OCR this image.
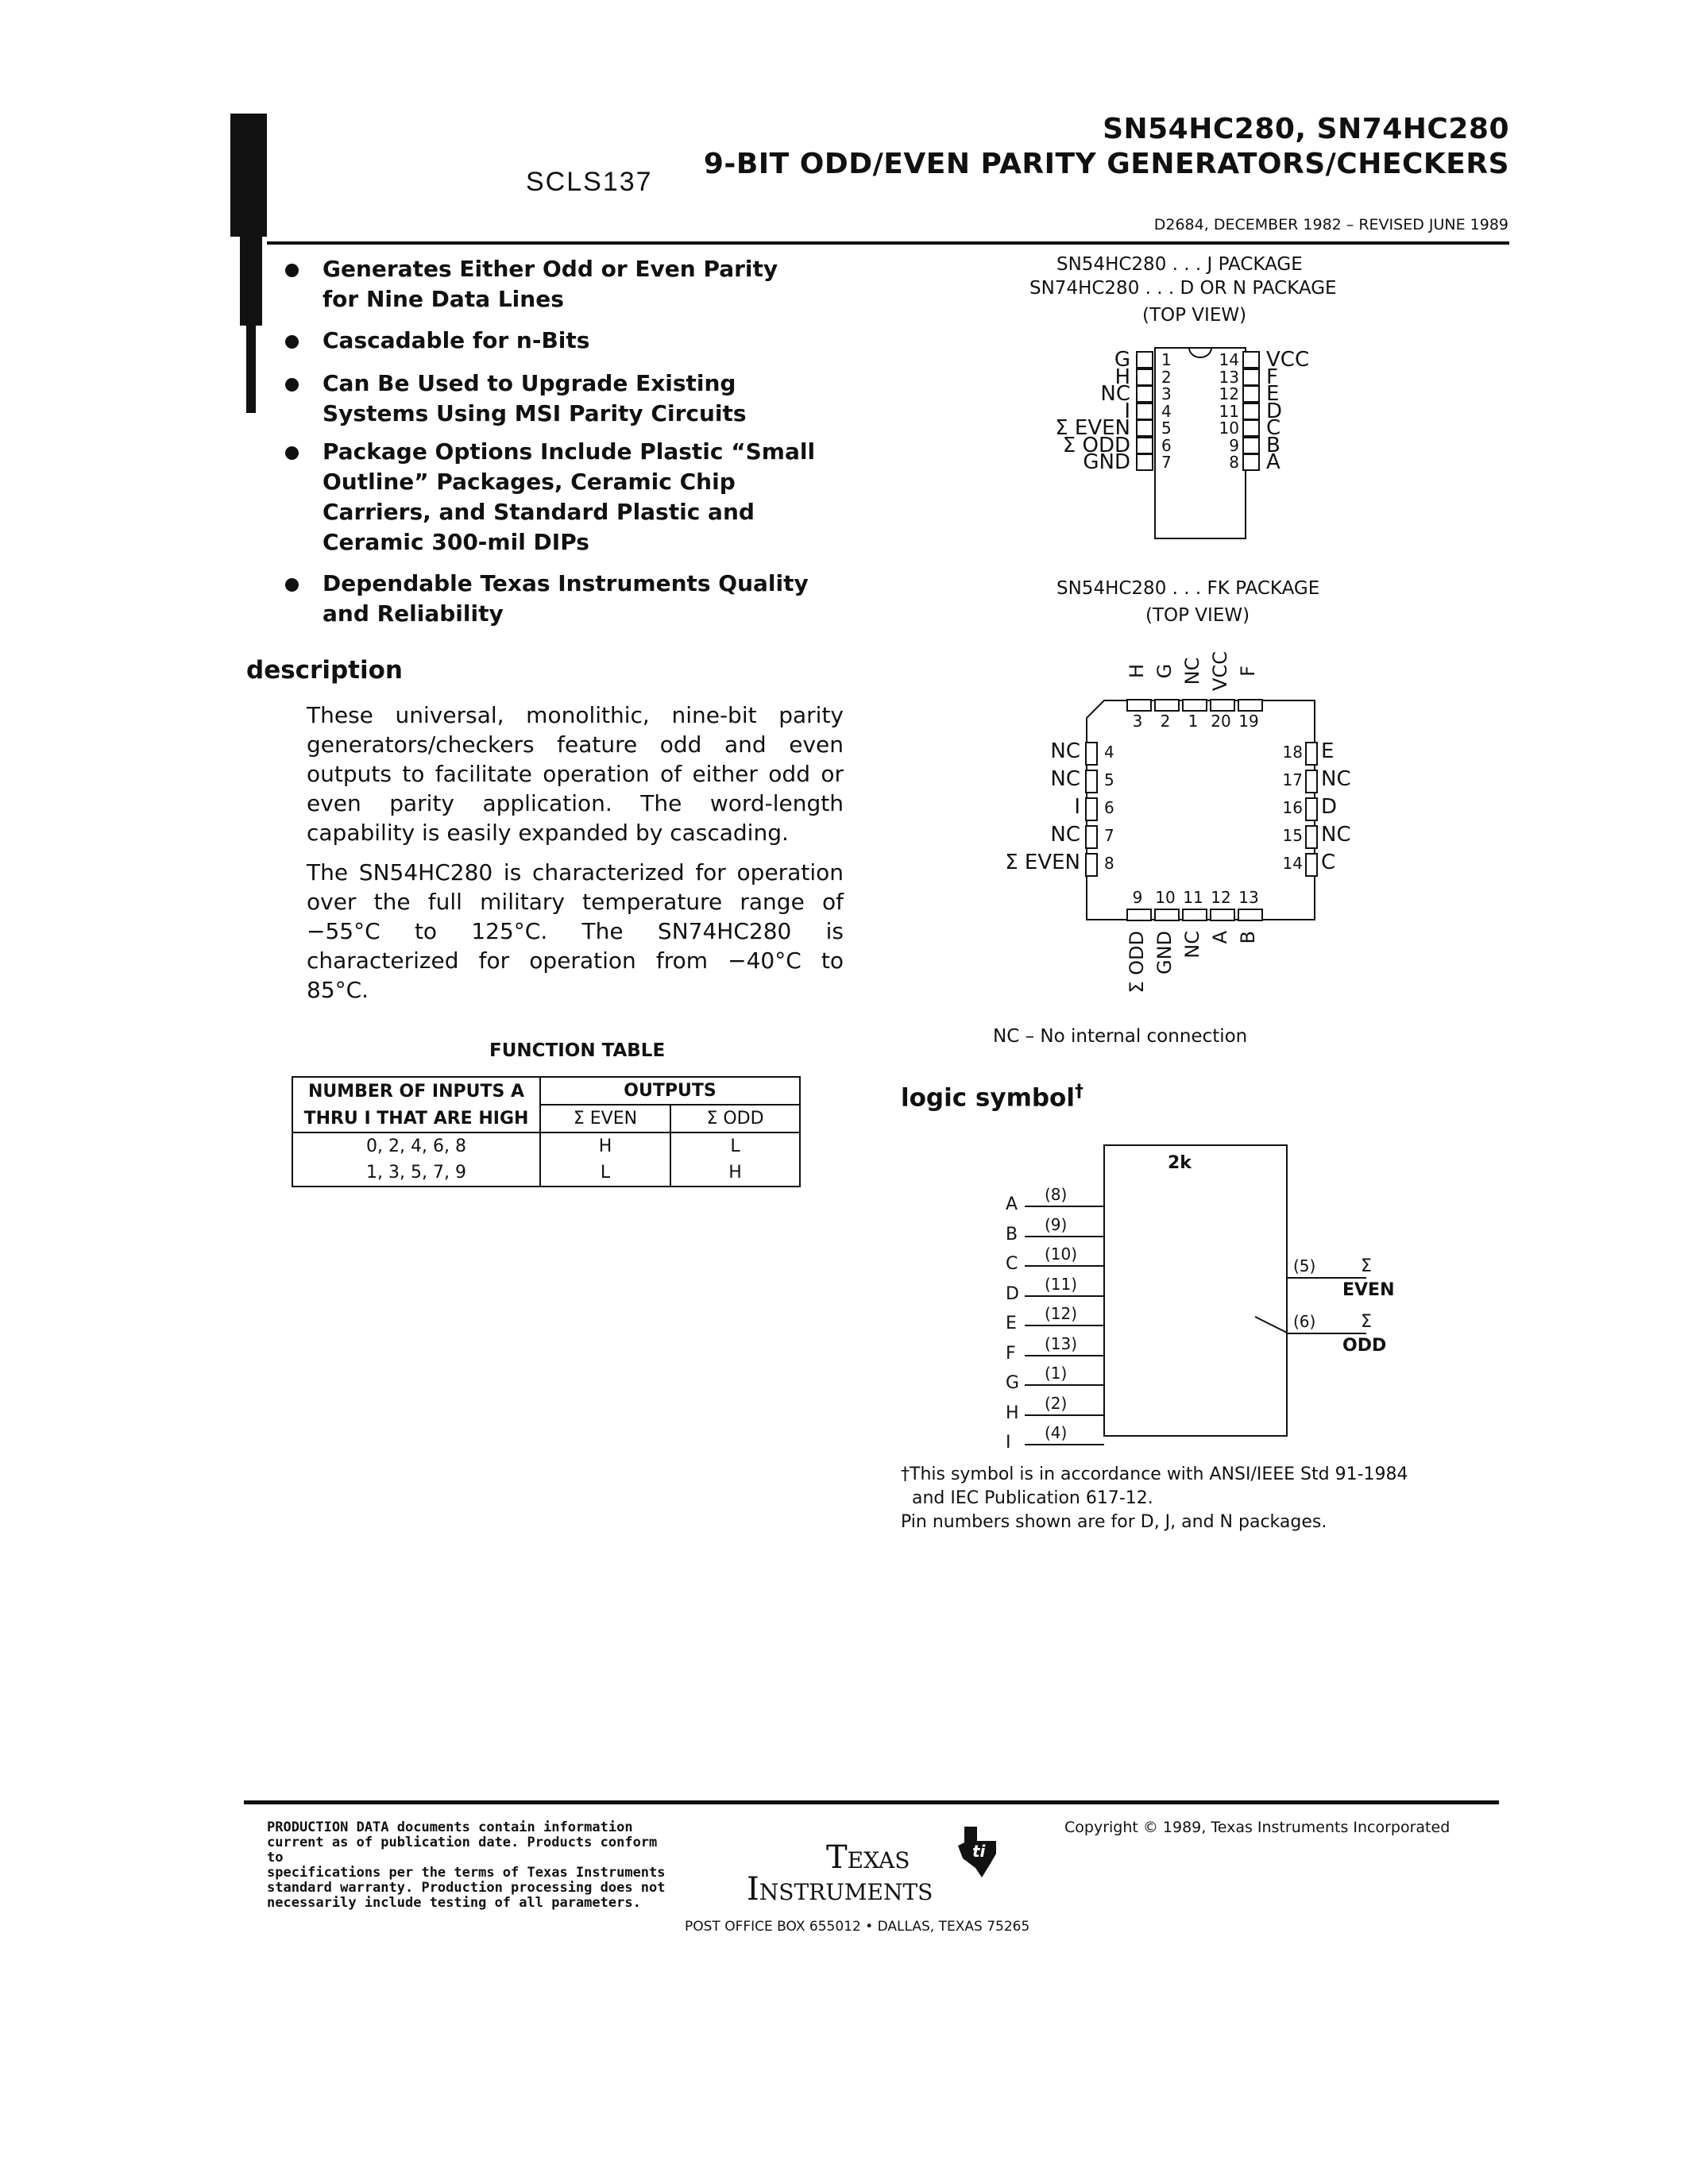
SN54HC280, SN74HC280
9-BIT ODD/EVEN PARITY GENERATORS/CHECKERS
SCLS137
D2684, DECEMBER 1982 – REVISED JUNE 1989
Generates Either Odd or Even Parity for Nine Data Lines
Cascadable for n-Bits
Can Be Used to Upgrade Existing Systems Using MSI Parity Circuits
Package Options Include Plastic “Small Outline” Packages, Ceramic Chip Carriers, and Standard Plastic and Ceramic 300-mil DIPs
Dependable Texas Instruments Quality and Reliability
description
These universal, monolithic, nine-bit parity
generators/checkers feature odd and even
outputs to facilitate operation of either odd or
even parity application. The word-length
capability is easily expanded by cascading.
The SN54HC280 is characterized for operation
over the full military temperature range of
−55°C to 125°C. The SN74HC280 is
characterized for operation from −40°C to
85°C.
FUNCTION TABLE
NUMBER OF INPUTS A	OUTPUTS	
THRU I THAT ARE HIGH	Σ EVEN	Σ ODD
0, 2, 4, 6, 8	H	L
1, 3, 5, 7, 9	L	H
SN54HC280 . . . J PACKAGE
SN74HC280 . . . D OR N PACKAGE
(TOP VIEW)
G 1
H 2
NC 3
I 4
Σ EVEN 5
Σ ODD 6
GND 7
14 VCC
13 F
12 E
11 D
10 C
9 B
8 A
SN54HC280 . . . FK PACKAGE
(TOP VIEW)
H
3
G
2
NC
1
VCC
20
F
19
NC 4
NC 5
I 6
NC 7
Σ EVEN 8
18 E
17 NC
16 D
15 NC
14 C
9
Σ ODD
10
GND
11
NC
12
A
13
B
NC – No internal connection
logic symbol†
2k
A (8)
B (9)
C (10)
D (11)
E (12)
F (13)
G (1)
H (2)
I (4)
(5)	Σ
EVEN
(6)	Σ
ODD
†This symbol is in accordance with ANSI/IEEE Std 91-1984
and IEC Publication 617-12.
Pin numbers shown are for D, J, and N packages.
PRODUCTION DATA documents contain information
current as of publication date. Products conform to
specifications per the terms of Texas Instruments
standard warranty. Production processing does not
necessarily include testing of all parameters.
Texas
Instruments
ti
POST OFFICE BOX 655012 • DALLAS, TEXAS 75265
Copyright © 1989, Texas Instruments Incorporated
